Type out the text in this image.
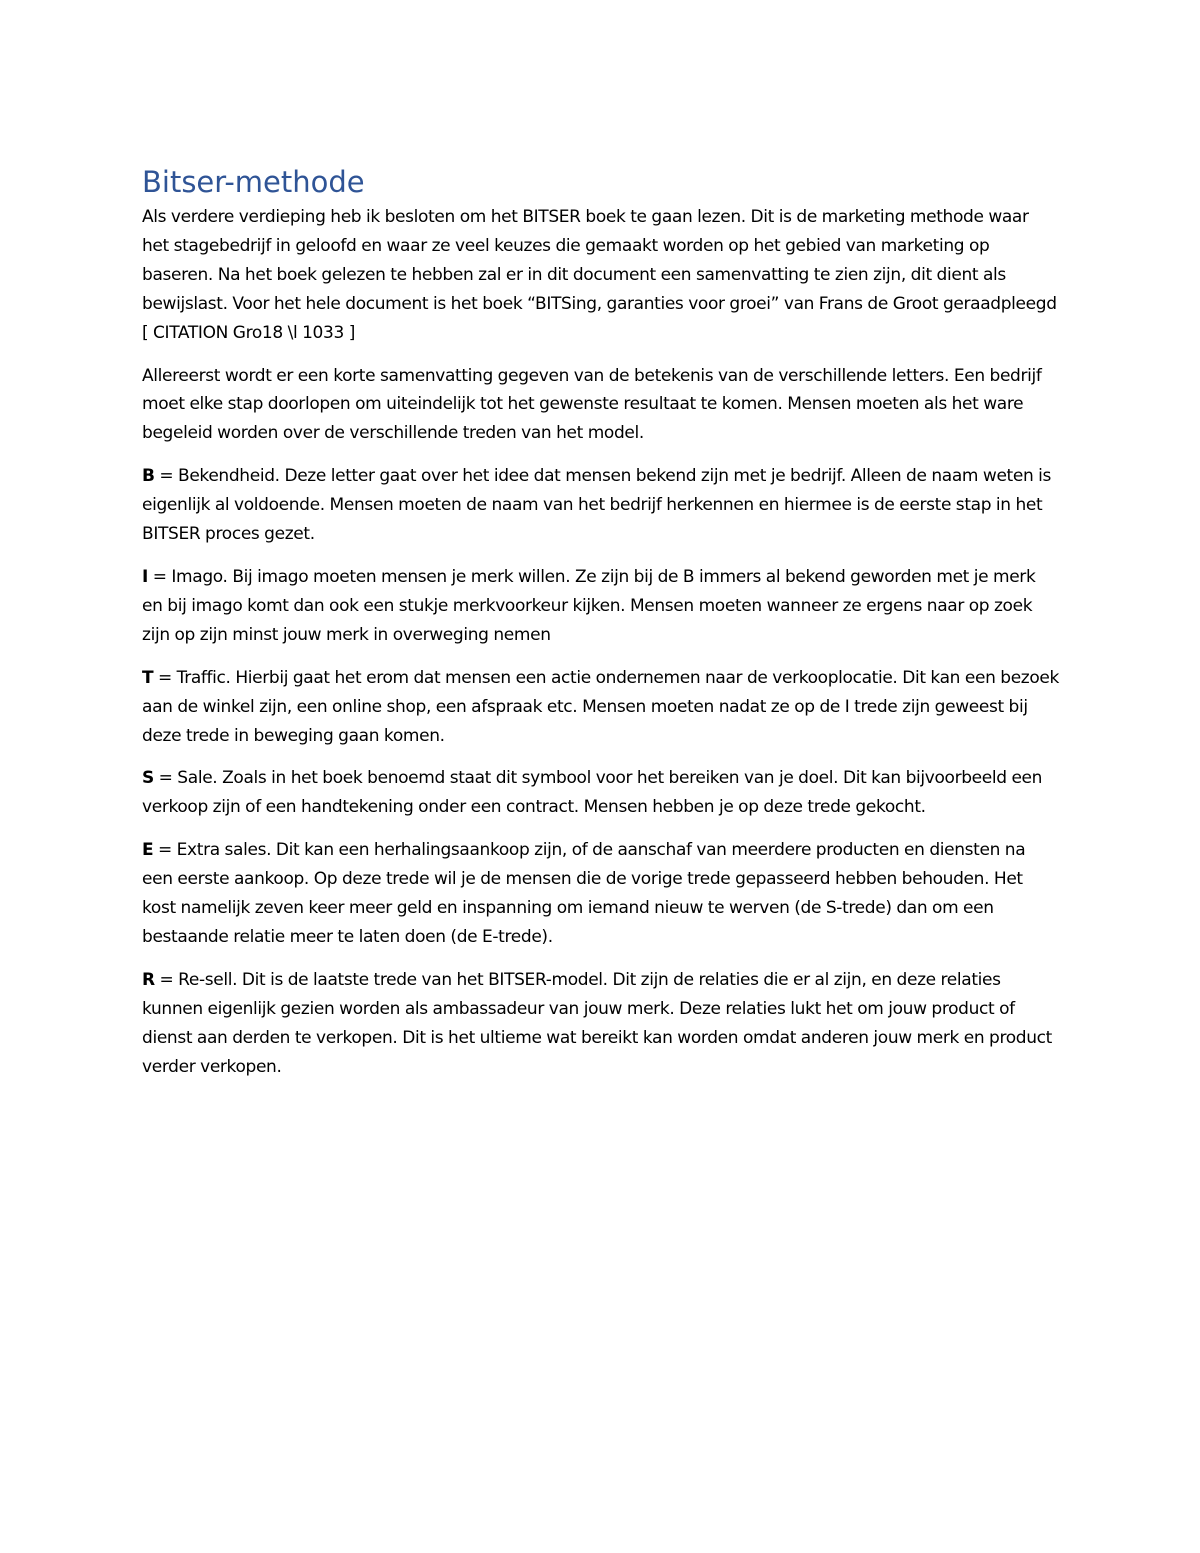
Bitser-methode

Als verdere verdieping heb ik besloten om het BITSER boek te gaan lezen. Dit is de marketing methode waar het stagebedrijf in geloofd en waar ze veel keuzes die gemaakt worden op het gebied van marketing op baseren. Na het boek gelezen te hebben zal er in dit document een samenvatting te zien zijn, dit dient als bewijslast. Voor het hele document is het boek “BITSing, garanties voor groei” van Frans de Groot geraadpleegd [ CITATION Gro18 \l 1033 ]

Allereerst wordt er een korte samenvatting gegeven van de betekenis van de verschillende letters. Een bedrijf moet elke stap doorlopen om uiteindelijk tot het gewenste resultaat te komen. Mensen moeten als het ware begeleid worden over de verschillende treden van het model.

B = Bekendheid. Deze letter gaat over het idee dat mensen bekend zijn met je bedrijf. Alleen de naam weten is eigenlijk al voldoende. Mensen moeten de naam van het bedrijf herkennen en hiermee is de eerste stap in het BITSER proces gezet.

I = Imago. Bij imago moeten mensen je merk willen. Ze zijn bij de B immers al bekend geworden met je merk en bij imago komt dan ook een stukje merkvoorkeur kijken. Mensen moeten wanneer ze ergens naar op zoek zijn op zijn minst jouw merk in overweging nemen

T = Traffic. Hierbij gaat het erom dat mensen een actie ondernemen naar de verkooplocatie. Dit kan een bezoek aan de winkel zijn, een online shop, een afspraak etc. Mensen moeten nadat ze op de I trede zijn geweest bij deze trede in beweging gaan komen.

S = Sale. Zoals in het boek benoemd staat dit symbool voor het bereiken van je doel. Dit kan bijvoorbeeld een verkoop zijn of een handtekening onder een contract. Mensen hebben je op deze trede gekocht.

E = Extra sales. Dit kan een herhalingsaankoop zijn, of de aanschaf van meerdere producten en diensten na een eerste aankoop. Op deze trede wil je de mensen die de vorige trede gepasseerd hebben behouden. Het kost namelijk zeven keer meer geld en inspanning om iemand nieuw te werven (de S-trede) dan om een bestaande relatie meer te laten doen (de E-trede).

R = Re-sell. Dit is de laatste trede van het BITSER-model. Dit zijn de relaties die er al zijn, en deze relaties kunnen eigenlijk gezien worden als ambassadeur van jouw merk. Deze relaties lukt het om jouw product of dienst aan derden te verkopen. Dit is het ultieme wat bereikt kan worden omdat anderen jouw merk en product verder verkopen.
